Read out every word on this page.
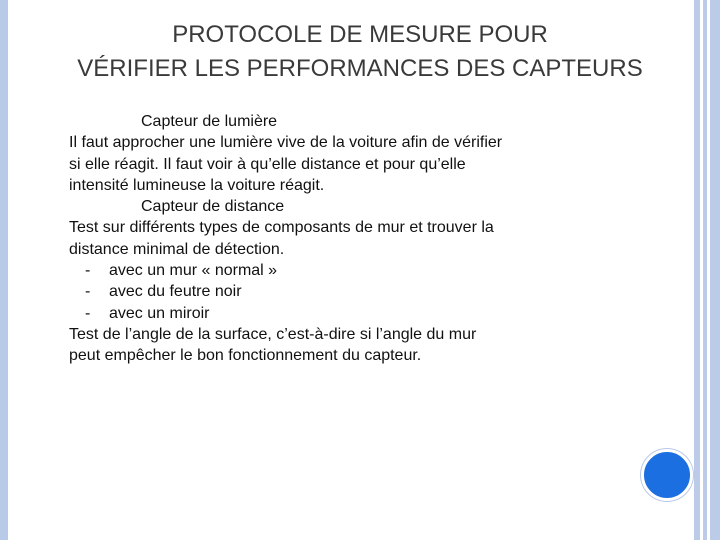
PROTOCOLE DE MESURE POUR
VÉRIFIER LES PERFORMANCES DES CAPTEURS
Capteur de lumière
Il faut approcher une lumière vive de la voiture afin de vérifier
si elle réagit. Il faut voir à qu’elle distance et pour qu’elle
intensité lumineuse la voiture réagit.
Capteur de distance
Test sur différents types de composants de mur et trouver la
distance minimal de détection.
- avec un mur « normal »
- avec du feutre noir
- avec un miroir
Test de l’angle de la surface, c’est-à-dire si l’angle du mur
peut empêcher le bon fonctionnement du capteur.
